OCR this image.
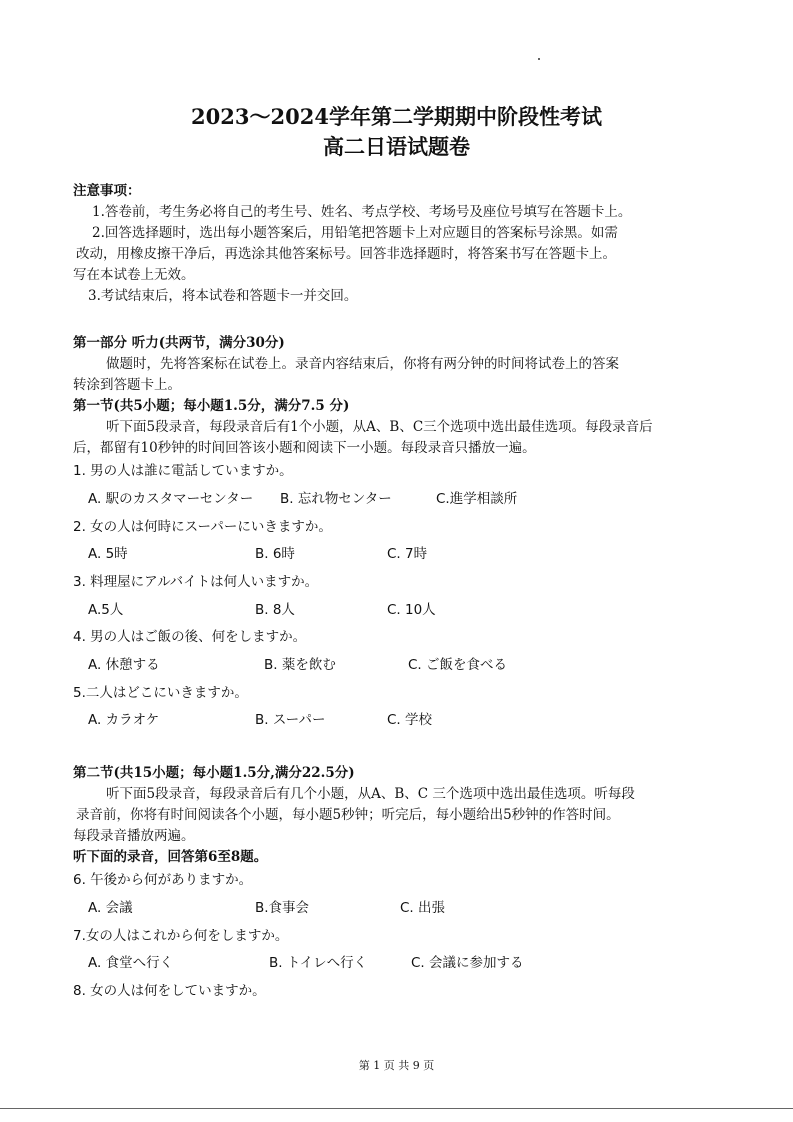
2023～2024学年第二学期期中阶段性考试
高二日语试题卷
注意事项：
1.答卷前，考生务必将自己的考生号、姓名、考点学校、考场号及座位号填写在答题卡上。
2.回答选择题时，选出每小题答案后，用铅笔把答题卡上对应题目的答案标号涂黑。如需
改动，用橡皮擦干净后，再选涂其他答案标号。回答非选择题时，将答案书写在答题卡上。
写在本试卷上无效。
3.考试结束后，将本试卷和答题卡一并交回。
第一部分 听力(共两节，满分30分)
做题时，先将答案标在试卷上。录音内容结束后，你将有两分钟的时间将试卷上的答案
转涂到答题卡上。
第一节(共5小题；每小题1.5分，满分7.5 分)
听下面5段录音，每段录音后有1个小题，从A、B、C三个选项中选出最佳选项。每段录音后
后，都留有10秒钟的时间回答该小题和阅读下一小题。每段录音只播放一遍。
1. 男の人は誰に電話していますか。
A. 駅のカスタマーセンター B. 忘れ物センター	C.進学相談所
2. 女の人は何時にスーパーにいきますか。
A. 5時	B. 6時	C. 7時
3. 料理屋にアルバイトは何人いますか。
A.5人	B. 8人	C. 10人
4. 男の人はご飯の後、何をしますか。
A. 休憩する	B. 薬を飲む	C. ご飯を食べる
5.二人はどこにいきますか。
A. カラオケ	B. スーパー	C. 学校
第二节(共15小题；每小题1.5分,满分22.5分)
听下面5段录音，每段录音后有几个小题，从A、B、C 三个选项中选出最佳选项。听每段
录音前，你将有时间阅读各个小题，每小题5秒钟；听完后，每小题给出5秒钟的作答时间。
每段录音播放两遍。
听下面的录音，回答第6至8题。
6. 午後から何がありますか。
A. 会議	B.食事会	C. 出張
7.女の人はこれから何をしますか。
A. 食堂へ行く	B. トイレへ行く	C. 会議に参加する
8. 女の人は何をしていますか。
第 1 页 共 9 页
